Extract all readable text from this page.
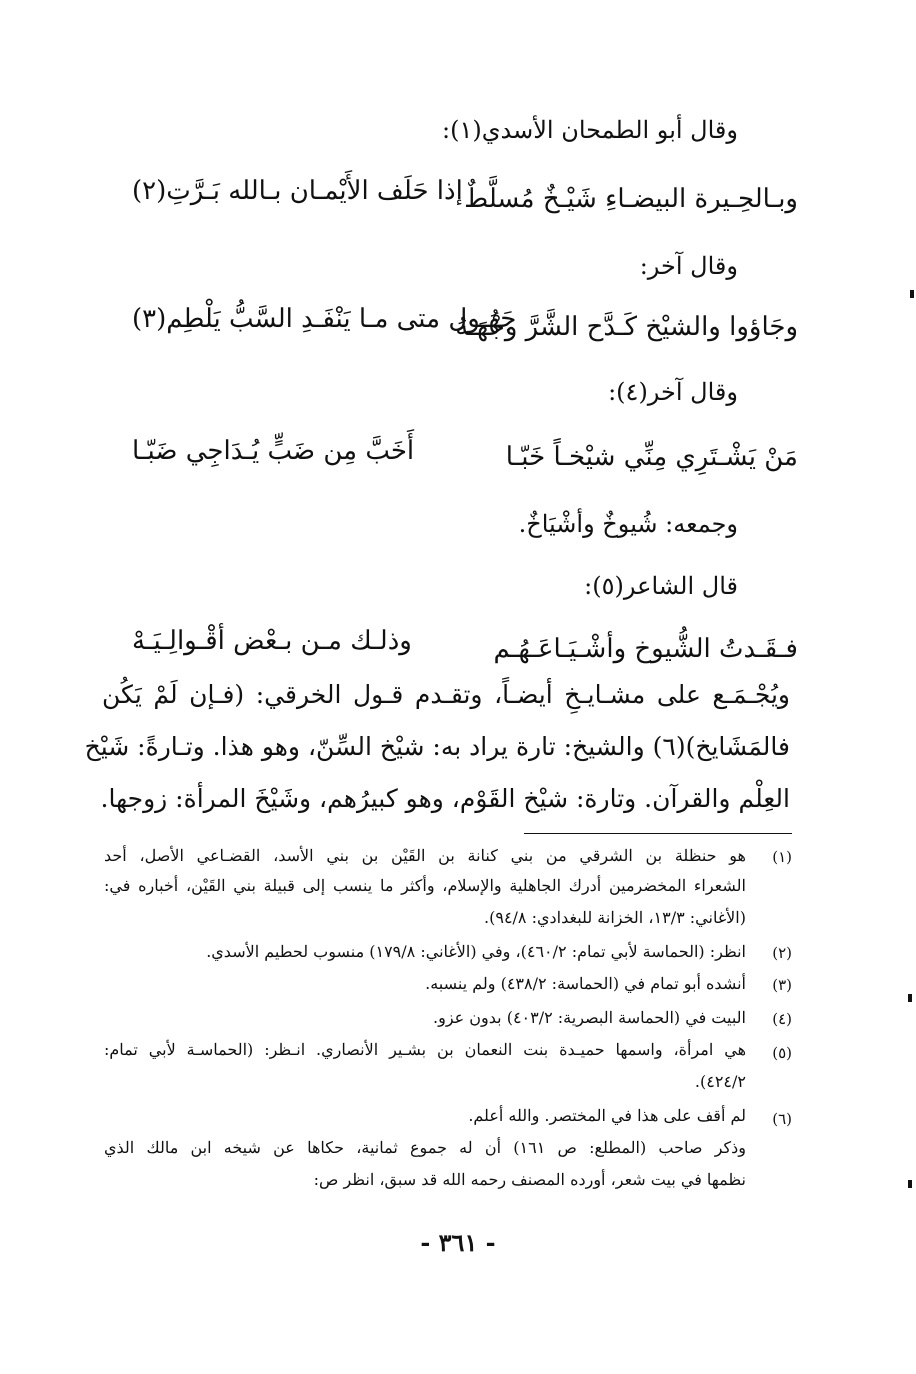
وقال أبو الطمحان الأسدي(١):
وبـالحِـيرة البيضـاءِ شَيْـخٌ مُسلَّطٌ
إذا حَلَف الأَيْمـان بـالله بَـرَّتِ(٢)
وقال آخر:
وجَاؤوا والشيْخ كَـدَّح الشَّرَّ وجْهَـهُ
جَهُـول متى مـا يَنْفَـدِ السَّبُّ يَلْطِم(٣)
وقال آخر(٤):
مَنْ يَشْـتَرِي مِنِّي شيْخـاً خَبّـا
أَخَبَّ مِن ضَبٍّ يُـدَاجِي ضَبّـا
وجمعه: شُيوخٌ وأشْيَاخٌ.
قال الشاعر(٥):
فـقَـدتُ الشُّيوخ وأشْـيَـاعَـهُـم
وذلـك مـن بـعْض أقْـوالِـيَـهْ
ويُجْـمَـع على مشـايـخِ أيضـاً، وتقـدم قـول الخرقي: (فـإن لَمْ يَكُن
فالمَشَايخ)(٦) والشيخ: تارة يراد به: شيْخ السِّنّ، وهو هذا. وتـارةً: شَيْخ
العِلْم والقرآن. وتارة: شيْخ القَوْم، وهو كبيرُهم، وشَيْخَ المرأة: زوجها.
(١)
هو حنظلة بن الشرقي من بني كنانة بن القَيْن بن بني الأسد، القضـاعي الأصل، أحد
الشعراء المخضرمين أدرك الجاهلية والإسلام، وأكثر ما ينسب إلى قبيلة بني القَيْن، أخباره في:
(الأغاني: ١٣/٣، الخزانة للبغدادي: ٩٤/٨).
(٢)
انظر: (الحماسة لأبي تمام: ٤٦٠/٢)، وفي (الأغاني: ١٧٩/٨) منسوب لحطيم الأسدي.
(٣)
أنشده أبو تمام في (الحماسة: ٤٣٨/٢) ولم ينسبه.
(٤)
البيت في (الحماسة البصرية: ٤٠٣/٢) بدون عزو.
(٥)
هي امرأة، واسمها حميـدة بنت النعمان بن بشـير الأنصاري. انـظر: (الحماسـة لأبي تمام:
٤٢٤/٢).
(٦)
لم أقف على هذا في المختصر. والله أعلم.
وذكر صاحب (المطلع: ص ١٦١) أن له جموع ثمانية، حكاها عن شيخه ابن مالك الذي
نظمها في بيت شعر، أورده المصنف رحمه الله قد سبق، انظر ص:
- ٣٦١ -
